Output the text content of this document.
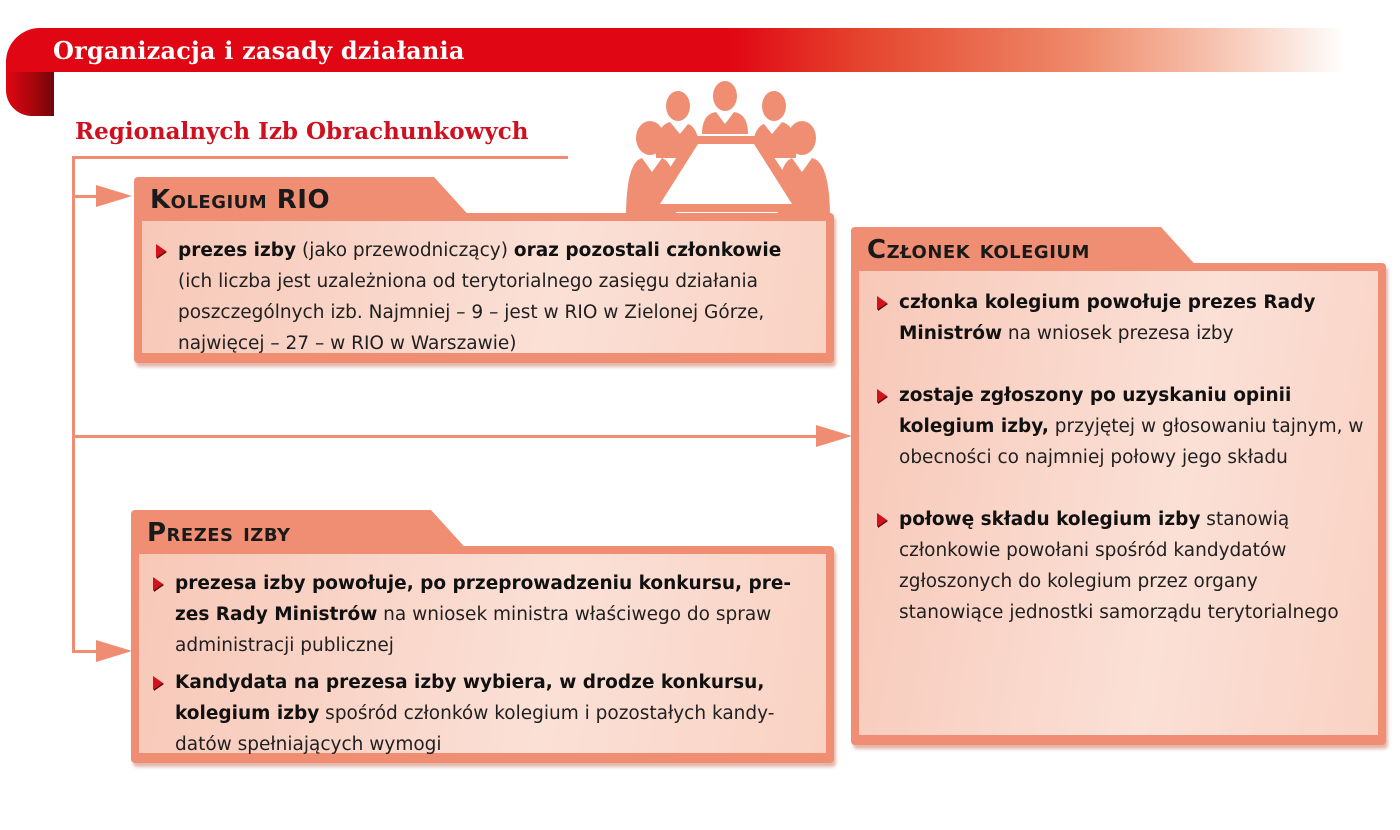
Organizacja i zasady działania
Regionalnych Izb Obrachunkowych
prezes izby (jako przewodniczący) oraz pozostali członkowie (ich liczba jest uzależniona od terytorialnego zasięgu działania poszczególnych izb. Najmniej – 9 – jest w RIO w Zielonej Górze, najwięcej – 27 – w RIO w Warszawie)
Kolegium RIO
prezesa izby powołuje, po przeprowadzeniu konkursu, pre-zes Rady Ministrów na wniosek ministra właściwego do spraw administracji publicznej
Kandydata na prezesa izby wybiera, w drodze konkursu, kolegium izby spośród członków kolegium i pozostałych kandy-datów spełniających wymogi
Prezes izby
członka kolegium powołuje prezes Rady Ministrów na wniosek prezesa izby
zostaje zgłoszony po uzyskaniu opinii kolegium izby, przyjętej w głosowaniu tajnym, w obecności co najmniej połowy jego składu
połowę składu kolegium izby stanowią członkowie powołani spośród kandydatów zgłoszonych do kolegium przez organy stanowiące jednostki samorządu terytorialnego
Członek kolegium
